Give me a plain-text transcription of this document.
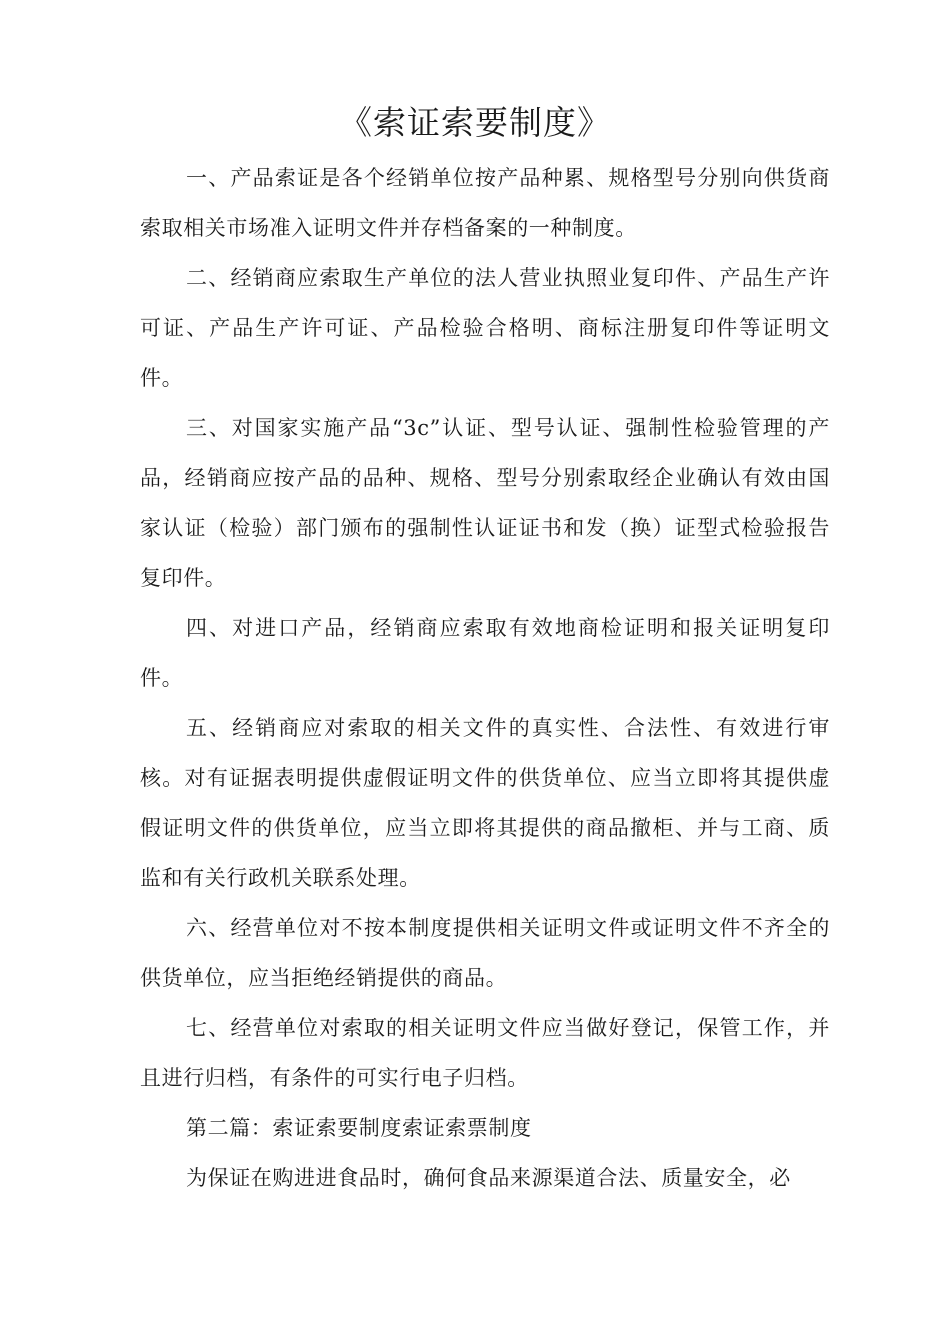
《索证索要制度》

一、产品索证是各个经销单位按产品种累、规格型号分别向供货商索取相关市场准入证明文件并存档备案的一种制度。

二、经销商应索取生产单位的法人营业执照业复印件、产品生产许可证、产品生产许可证、产品检验合格明、商标注册复印件等证明文件。

三、对国家实施产品“3c”认证、型号认证、强制性检验管理的产品，经销商应按产品的品种、规格、型号分别索取经企业确认有效由国家认证（检验）部门颁布的强制性认证证书和发（换）证型式检验报告复印件。

四、对进口产品，经销商应索取有效地商检证明和报关证明复印件。

五、经销商应对索取的相关文件的真实性、合法性、有效进行审核。对有证据表明提供虚假证明文件的供货单位、应当立即将其提供虚假证明文件的供货单位，应当立即将其提供的商品撤柜、并与工商、质监和有关行政机关联系处理。

六、经营单位对不按本制度提供相关证明文件或证明文件不齐全的供货单位，应当拒绝经销提供的商品。

七、经营单位对索取的相关证明文件应当做好登记，保管工作，并且进行归档，有条件的可实行电子归档。

第二篇：索证索要制度索证索票制度

为保证在购进进食品时，确何食品来源渠道合法、质量安全，必
